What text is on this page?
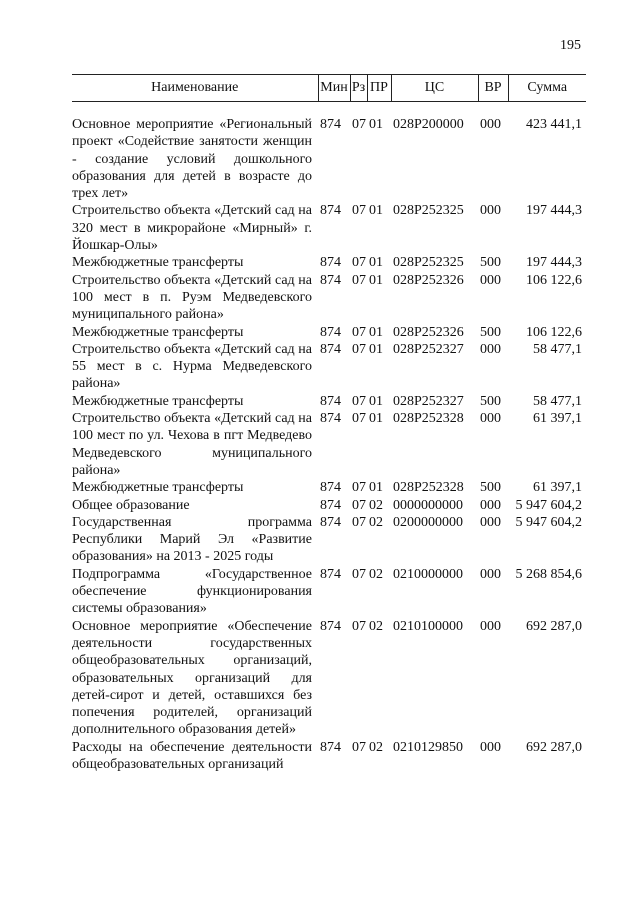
195
Наименование	Мин	Рз	ПР	ЦС	ВР	Сумма

Основное мероприятие «Региональный проект «Содействие занятости женщин - создание условий дошкольного образования для детей в возрасте до трех лет»	874	07	01	028P200000	000	423 441,1
Строительство объекта «Детский сад на 320 мест в микрорайоне «Мирный» г. Йошкар-Олы»	874	07	01	028P252325	000	197 444,3
Межбюджетные трансферты	874	07	01	028P252325	500	197 444,3
Строительство объекта «Детский сад на 100 мест в п. Руэм Медведевского муниципального района»	874	07	01	028P252326	000	106 122,6
Межбюджетные трансферты	874	07	01	028P252326	500	106 122,6
Строительство объекта «Детский сад на 55 мест в с. Нурма Медведевского района»	874	07	01	028P252327	000	58 477,1
Межбюджетные трансферты	874	07	01	028P252327	500	58 477,1
Строительство объекта «Детский сад на 100 мест по ул. Чехова в пгт Медведево Медведевского муниципального района»	874	07	01	028P252328	000	61 397,1
Межбюджетные трансферты	874	07	01	028P252328	500	61 397,1
Общее образование	874	07	02	0000000000	000	5 947 604,2
Государственная программа Республики Марий Эл «Развитие образования» на 2013 - 2025 годы	874	07	02	0200000000	000	5 947 604,2
Подпрограмма «Государственное обеспечение функционирования системы образования»	874	07	02	0210000000	000	5 268 854,6
Основное мероприятие «Обеспечение деятельности государственных общеобразовательных организаций, образовательных организаций для детей-сирот и детей, оставшихся без попечения родителей, организаций дополнительного образования детей»	874	07	02	0210100000	000	692 287,0
Расходы на обеспечение деятельности общеобразовательных организаций	874	07	02	0210129850	000	692 287,0
